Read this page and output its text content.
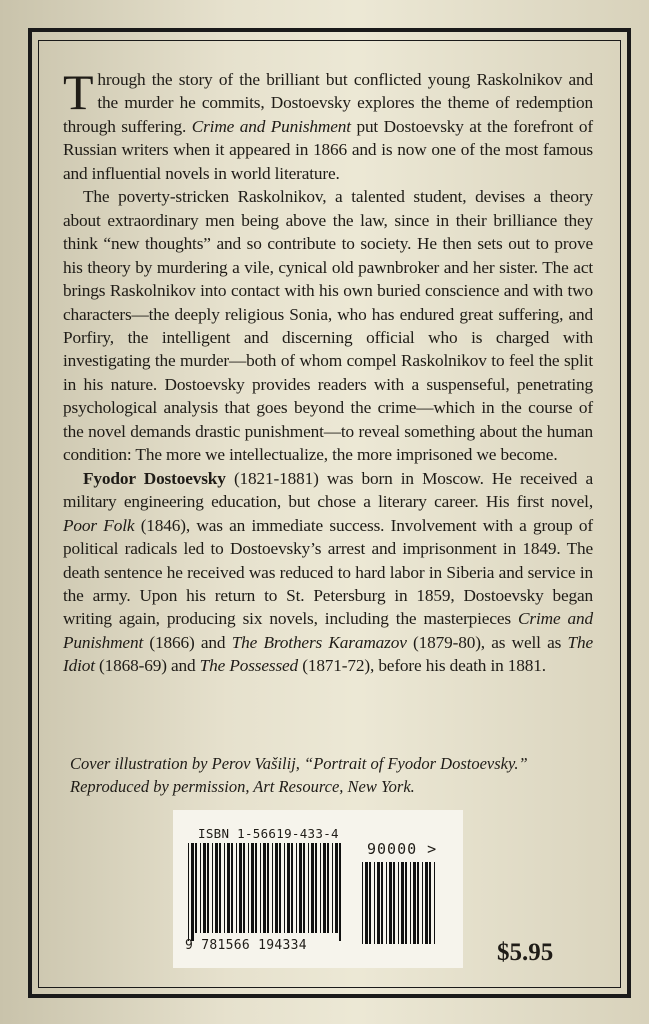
Through the story of the brilliant but conflicted young Raskolnikov and the murder he commits, Dostoevsky explores the theme of redemption through suffering. Crime and Punishment put Dostoevsky at the forefront of Russian writers when it appeared in 1866 and is now one of the most famous and influential novels in world literature.

The poverty-stricken Raskolnikov, a talented student, devises a theory about extraordinary men being above the law, since in their brilliance they think “new thoughts” and so contribute to society. He then sets out to prove his theory by murdering a vile, cynical old pawnbroker and her sister. The act brings Raskolnikov into contact with his own buried conscience and with two characters—the deeply religious Sonia, who has endured great suffering, and Porfiry, the intelligent and discerning official who is charged with investigating the murder—both of whom compel Raskolnikov to feel the split in his nature. Dostoevsky provides readers with a suspenseful, penetrating psychological analysis that goes beyond the crime—which in the course of the novel demands drastic punishment—to reveal something about the human condition: The more we intellectualize, the more imprisoned we become.

Fyodor Dostoevsky (1821-1881) was born in Moscow. He received a military engineering education, but chose a literary career. His first novel, Poor Folk (1846), was an immediate success. Involvement with a group of political radicals led to Dostoevsky’s arrest and imprisonment in 1849. The death sentence he received was reduced to hard labor in Siberia and service in the army. Upon his return to St. Petersburg in 1859, Dostoevsky began writing again, producing six novels, including the masterpieces Crime and Punishment (1866) and The Brothers Karamazov (1879-80), as well as The Idiot (1868-69) and The Possessed (1871-72), before his death in 1881.

Cover illustration by Perov Vašilij, “Portrait of Fyodor Dostoevsky.”
Reproduced by permission, Art Resource, New York.
ISBN 1-56619-433-4
90000 >
9 781566 194334	$5.95
